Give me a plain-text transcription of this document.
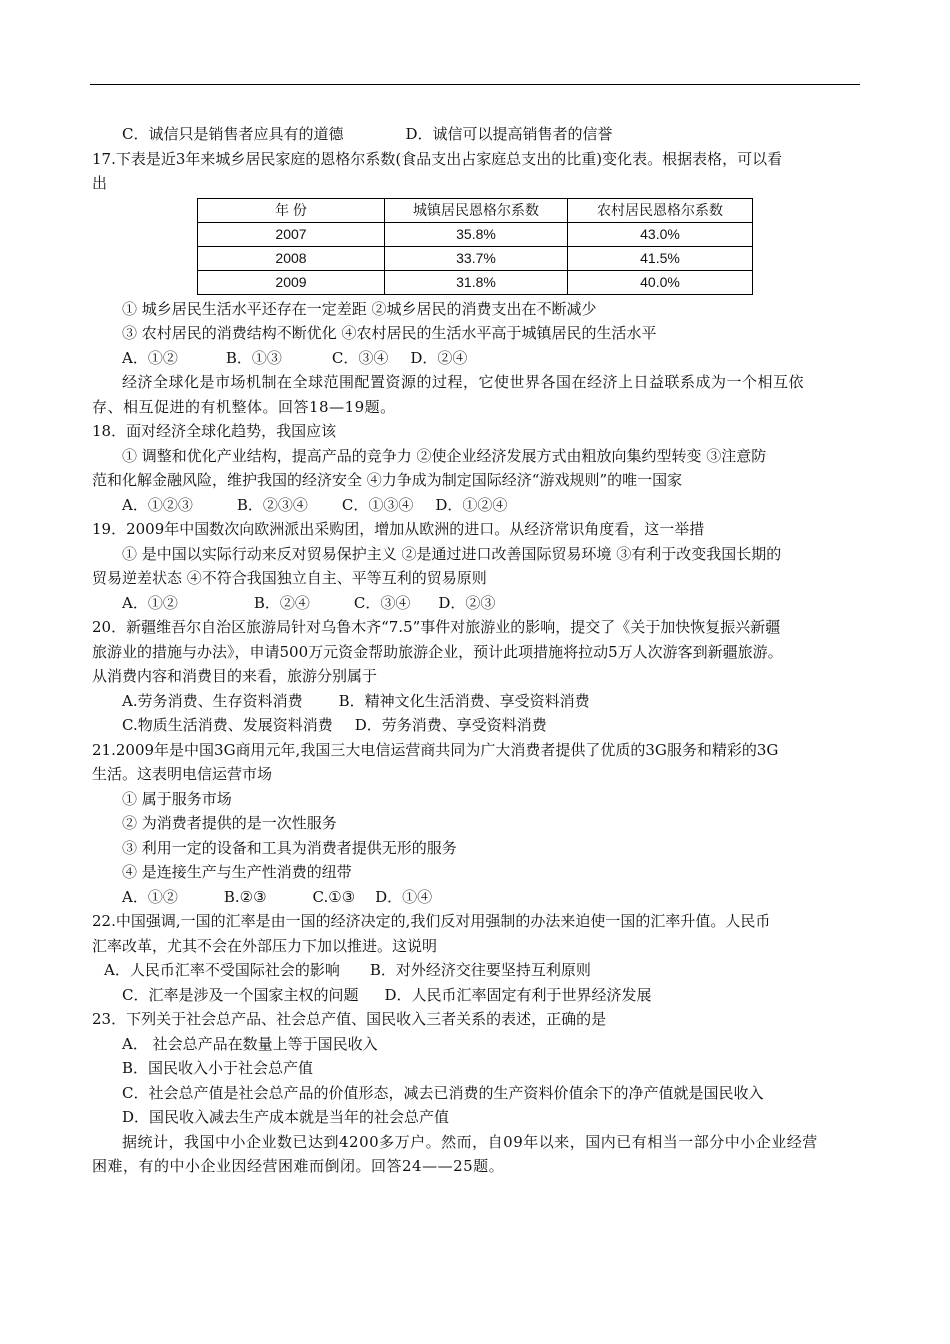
C．诚信只是销售者应具有的道德	D．诚信可以提高销售者的信誉
17.下表是近3年来城乡居民家庭的恩格尔系数(食品支出占家庭总支出的比重)变化表。根据表格，可以看
出
年 份	城镇居民恩格尔系数	农村居民恩格尔系数
2007	35.8%	43.0%
2008	33.7%	41.5%
2009	31.8%	40.0%
① 城乡居民生活水平还存在一定差距 ②城乡居民的消费支出在不断减少
③ 农村居民的消费结构不断优化 ④农村居民的生活水平高于城镇居民的生活水平
A．①②	B．①③	C．③④ D．②④
经济全球化是市场机制在全球范围配置资源的过程，它使世界各国在经济上日益联系成为一个相互依
存、相互促进的有机整体。回答18—19题。
18．面对经济全球化趋势，我国应该
① 调整和优化产业结构，提高产品的竞争力 ②使企业经济发展方式由粗放向集约型转变 ③注意防
范和化解金融风险，维护我国的经济安全 ④力争成为制定国际经济“游戏规则”的唯一国家
A．①②③	B．②③④ C．①③④ D．①②④
19．2009年中国数次向欧洲派出采购团，增加从欧洲的进口。从经济常识角度看，这一举措
① 是中国以实际行动来反对贸易保护主义 ②是通过进口改善国际贸易环境 ③有利于改变我国长期的
贸易逆差状态 ④不符合我国独立自主、平等互利的贸易原则
A．①②	B．②④	C．③④ D．②③
20．新疆维吾尔自治区旅游局针对乌鲁木齐“7.5”事件对旅游业的影响，提交了《关于加快恢复振兴新疆
旅游业的措施与办法》，申请500万元资金帮助旅游企业，预计此项措施将拉动5万人次游客到新疆旅游。
从消费内容和消费目的来看，旅游分别属于
A.劳务消费、生存资料消费 B．精神文化生活消费、享受资料消费
C.物质生活消费、发展资料消费 D．劳务消费、享受资料消费
21.2009年是中国3G商用元年,我国三大电信运营商共同为广大消费者提供了优质的3G服务和精彩的3G
生活。这表明电信运营市场
① 属于服务市场
② 为消费者提供的是一次性服务
③ 利用一定的设备和工具为消费者提供无形的服务
④ 是连接生产与生产性消费的纽带
A．①②	B.②③	C.①③ D．①④
22.中国强调,一国的汇率是由一国的经济决定的,我们反对用强制的办法来迫使一国的汇率升值。人民币
汇率改革，尤其不会在外部压力下加以推进。这说明
A．人民币汇率不受国际社会的影响 B．对外经济交往要坚持互利原则
C．汇率是涉及一个国家主权的问题 D．人民币汇率固定有利于世界经济发展
23．下列关于社会总产品、社会总产值、国民收入三者关系的表述，正确的是
A． 社会总产品在数量上等于国民收入
B．国民收入小于社会总产值
C．社会总产值是社会总产品的价值形态，减去已消费的生产资料价值余下的净产值就是国民收入
D．国民收入减去生产成本就是当年的社会总产值
据统计，我国中小企业数已达到4200多万户。然而，自09年以来，国内已有相当一部分中小企业经营
困难，有的中小企业因经营困难而倒闭。回答24——25题。
